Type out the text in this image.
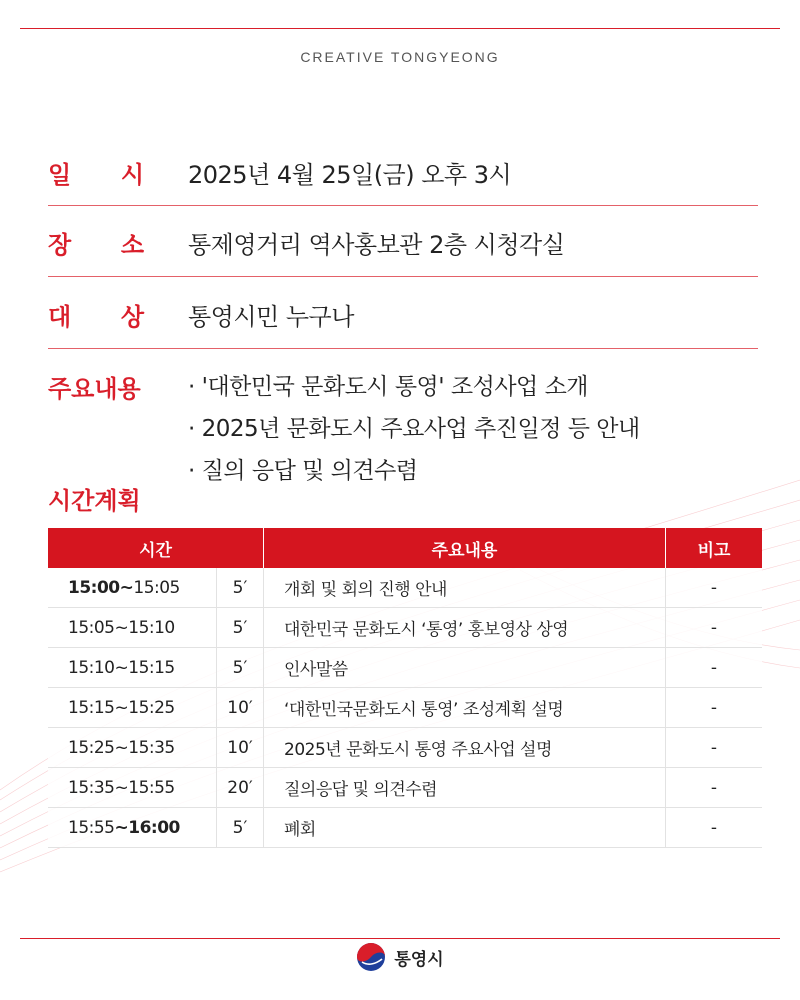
CREATIVE TONGYEONG
일 시 2025년 4월 25일(금) 오후 3시
장 소 통제영거리 역사홍보관 2층 시청각실
대 상 통영시민 누구나
주요내용	· '대한민국 문화도시 통영' 조성사업 소개
· 2025년 문화도시 주요사업 추진일정 등 안내
· 질의 응답 및 의견수렴
시간계획
시간		주요내용	비고
15:00~15:05	5′	개회 및 회의 진행 안내	-
15:05~15:10	5′	대한민국 문화도시 ‘통영’ 홍보영상 상영	-
15:10~15:15	5′	인사말씀	-
15:15~15:25	10′	‘대한민국문화도시 통영’ 조성계획 설명	-
15:25~15:35	10′	2025년 문화도시 통영 주요사업 설명	-
15:35~15:55	20′	질의응답 및 의견수렴	-
15:55~16:00	5′	폐회	-
통영시
